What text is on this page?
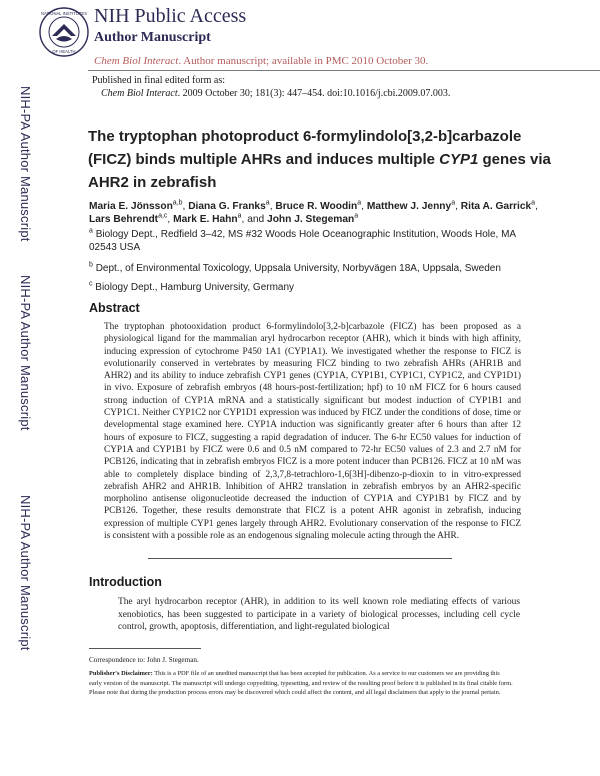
NATIONAL INSTITUTES
OF HEALTH
NIH Public Access
Author Manuscript
Chem Biol Interact. Author manuscript; available in PMC 2010 October 30.
Published in final edited form as:
Chem Biol Interact. 2009 October 30; 181(3): 447–454. doi:10.1016/j.cbi.2009.07.003.
NIH-PA Author Manuscript
NIH-PA Author Manuscript
NIH-PA Author Manuscript
The tryptophan photoproduct 6-formylindolo[3,2-b]carbazole (FICZ) binds multiple AHRs and induces multiple CYP1 genes via AHR2 in zebrafish
Maria E. Jönsson$^{a,b}$, Diana G. Franks$^a$, Bruce R. Woodin$^a$, Matthew J. Jenny$^a$, Rita A. Garrick$^a$, Lars Behrendt$^{a,c}$, Mark E. Hahn$^a$, and John J. Stegeman$^a$
$^a$ Biology Dept., Redfield 3–42, MS #32 Woods Hole Oceanographic Institution, Woods Hole, MA 02543 USA
$^b$ Dept., of Environmental Toxicology, Uppsala University, Norbyvägen 18A, Uppsala, Sweden
$^c$ Biology Dept., Hamburg University, Germany
Abstract
The tryptophan photooxidation product 6-formylindolo[3,2-b]carbazole (FICZ) has been proposed as a physiological ligand for the mammalian aryl hydrocarbon receptor (AHR), which it binds with high affinity, inducing expression of cytochrome P450 1A1 (CYP1A1). We investigated whether the response to FICZ is evolutionarily conserved in vertebrates by measuring FICZ binding to two zebrafish AHRs (AHR1B and AHR2) and its ability to induce zebrafish CYP1 genes (CYP1A, CYP1B1, CYP1C1, CYP1C2, and CYP1D1) in vivo. Exposure of zebrafish embryos (48 hours-post-fertilization; hpf) to 10 nM FICZ for 6 hours caused strong induction of CYP1A mRNA and a statistically significant but modest induction of CYP1B1 and CYP1C1. Neither CYP1C2 nor CYP1D1 expression was induced by FICZ under the conditions of dose, time or developmental stage examined here. CYP1A induction was significantly greater after 6 hours than after 12 hours of exposure to FICZ, suggesting a rapid degradation of inducer. The 6-hr EC50 values for induction of CYP1A and CYP1B1 by FICZ were 0.6 and 0.5 nM compared to 72-hr EC50 values of 2.3 and 2.7 nM for PCB126, indicating that in zebrafish embryos FICZ is a more potent inducer than PCB126. FICZ at 10 nM was able to completely displace binding of 2,3,7,8-tetrachloro-1,6[3H]-dibenzo-p-dioxin to in vitro-expressed zebrafish AHR2 and AHR1B. Inhibition of AHR2 translation in zebrafish embryos by an AHR2-specific morpholino antisense oligonucleotide decreased the induction of CYP1A and CYP1B1 by FICZ and by PCB126. Together, these results demonstrate that FICZ is a potent AHR agonist in zebrafish, inducing expression of multiple CYP1 genes largely through AHR2. Evolutionary conservation of the response to FICZ is consistent with a possible role as an endogenous signaling molecule acting through the AHR.
Introduction
The aryl hydrocarbon receptor (AHR), in addition to its well known role mediating effects of various xenobiotics, has been suggested to participate in a variety of biological processes, including cell cycle control, growth, apoptosis, differentiation, and light-regulated biological
Correspondence to: John J. Stegeman.
Publisher's Disclaimer: This is a PDF file of an unedited manuscript that has been accepted for publication. As a service to our customers we are providing this early version of the manuscript. The manuscript will undergo copyediting, typesetting, and review of the resulting proof before it is published in its final citable form. Please note that during the production process errors may be discovered which could affect the content, and all legal disclaimers that apply to the journal pertain.
